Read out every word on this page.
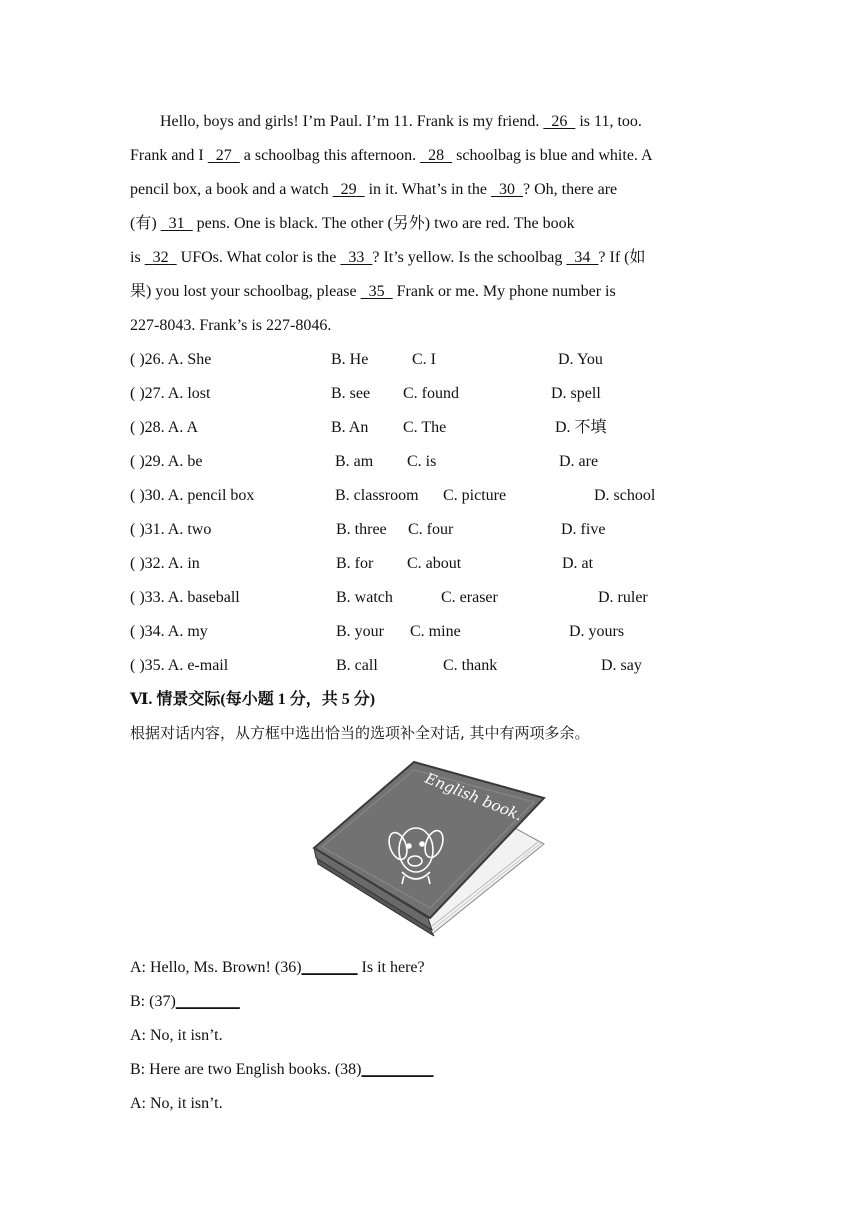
Hello, boys and girls! I’m Paul. I’m 11. Frank is my friend.   26   is 11, too.
Frank and I   27   a schoolbag this afternoon.   28   schoolbag is blue and white. A
pencil box, a book and a watch   29   in it. What’s in the   30 ? Oh, there are
(有)   31   pens. One is black. The other (另外) two are red. The book
is   32   UFOs. What color is the   33 ? It’s yellow. Is the schoolbag   34 ? If (如
果) you lost your schoolbag, please   35   Frank or me. My phone number is
227-8043. Frank’s is 227-8046.
( )26. A. She	B. He	C. I	D. You
( )27. A. lost	B. see C. found	D. spell
( )28. A. A	B. An C. The	D. 不填
( )29. A. be	B. am C. is	D. are
( )30. A. pencil box	B. classroom C. picture	D. school
( )31. A. two	B. three C. four	D. five
( )32. A. in	B. for C. about	D. at
( )33. A. baseball	B. watch	C. eraser	D. ruler
( )34. A. my	B. your C. mine	D. yours
( )35. A. e-mail	B. call	C. thank	D. say
Ⅵ. 情景交际(每小题 1 分，共 5 分)
根据对话内容，从方框中选出恰当的选项补全对话, 其中有两项多余。
English book.
A: Hello, Ms. Brown! (36)_______ Is it here?
B: (37)________
A: No, it isn’t.
B: Here are two English books. (38)_________
A: No, it isn’t.
